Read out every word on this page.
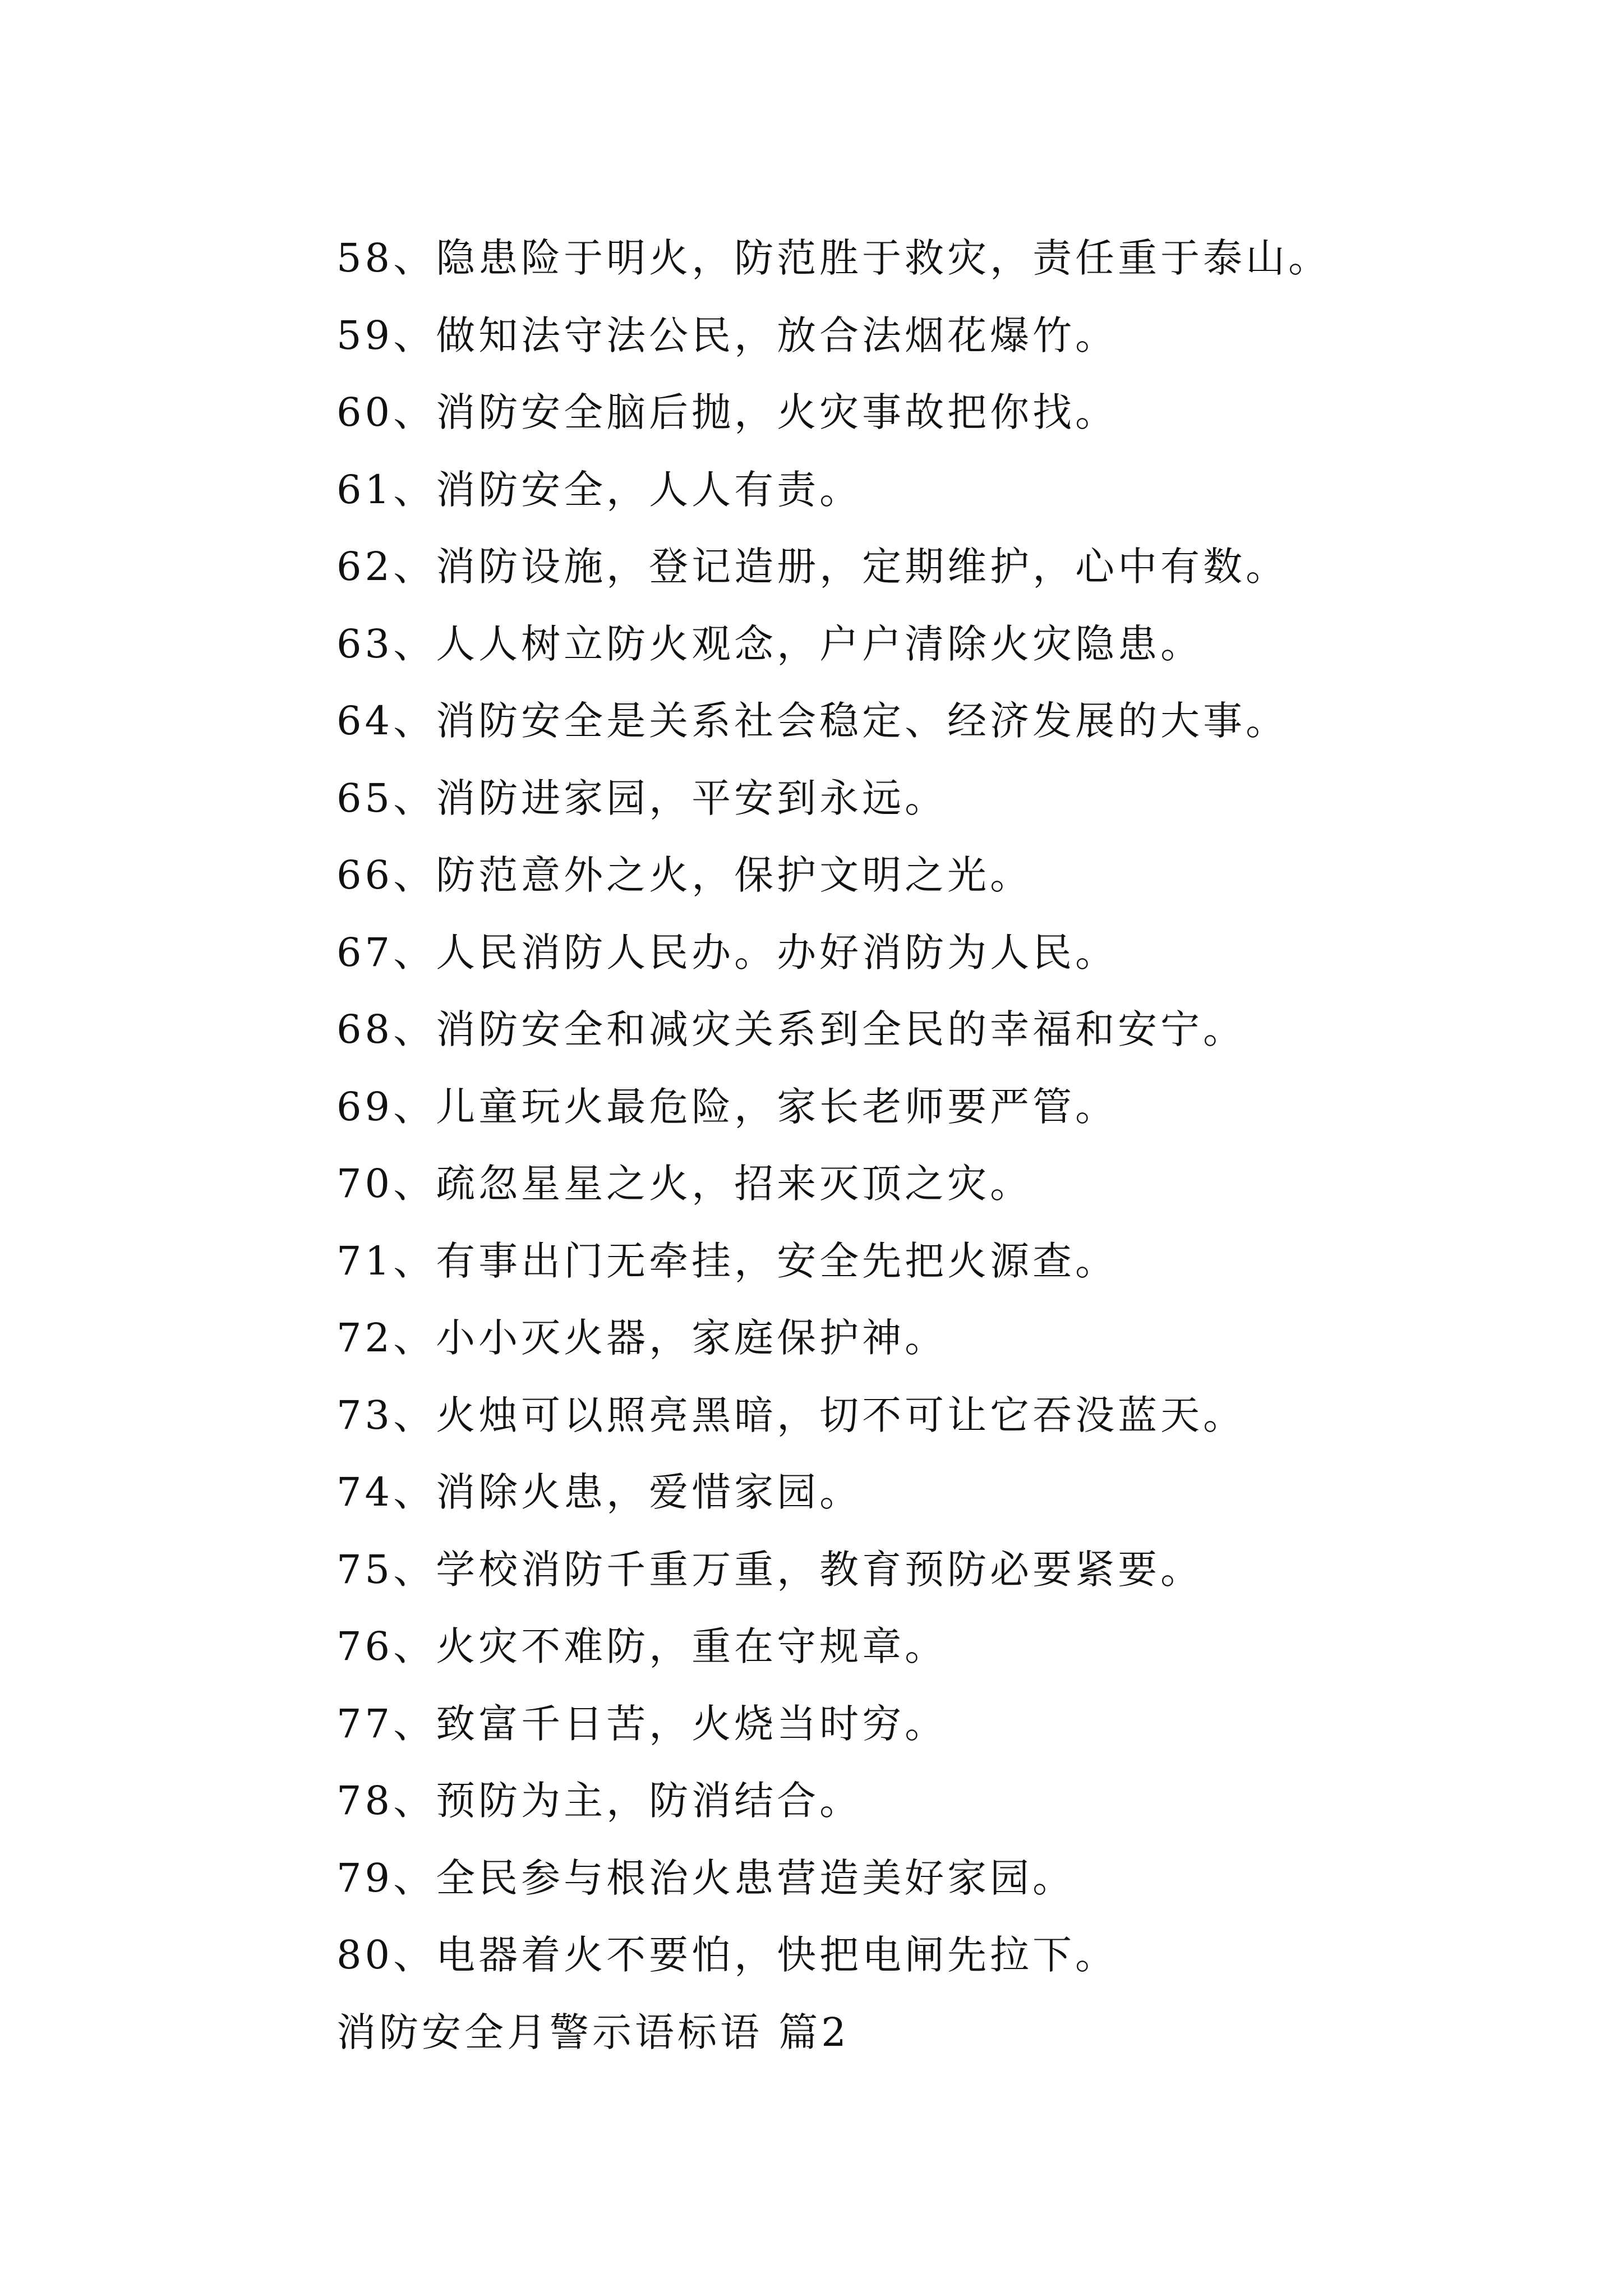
58、隐患险于明火，防范胜于救灾，责任重于泰山。
59、做知法守法公民，放合法烟花爆竹。
60、消防安全脑后抛，火灾事故把你找。
61、消防安全，人人有责。
62、消防设施，登记造册，定期维护，心中有数。
63、人人树立防火观念，户户清除火灾隐患。
64、消防安全是关系社会稳定、经济发展的大事。
65、消防进家园，平安到永远。
66、防范意外之火，保护文明之光。
67、人民消防人民办。办好消防为人民。
68、消防安全和减灾关系到全民的幸福和安宁。
69、儿童玩火最危险，家长老师要严管。
70、疏忽星星之火，招来灭顶之灾。
71、有事出门无牵挂，安全先把火源查。
72、小小灭火器，家庭保护神。
73、火烛可以照亮黑暗，切不可让它吞没蓝天。
74、消除火患，爱惜家园。
75、学校消防千重万重，教育预防必要紧要。
76、火灾不难防，重在守规章。
77、致富千日苦，火烧当时穷。
78、预防为主，防消结合。
79、全民参与根治火患营造美好家园。
80、电器着火不要怕，快把电闸先拉下。
消防安全月警示语标语 篇2
